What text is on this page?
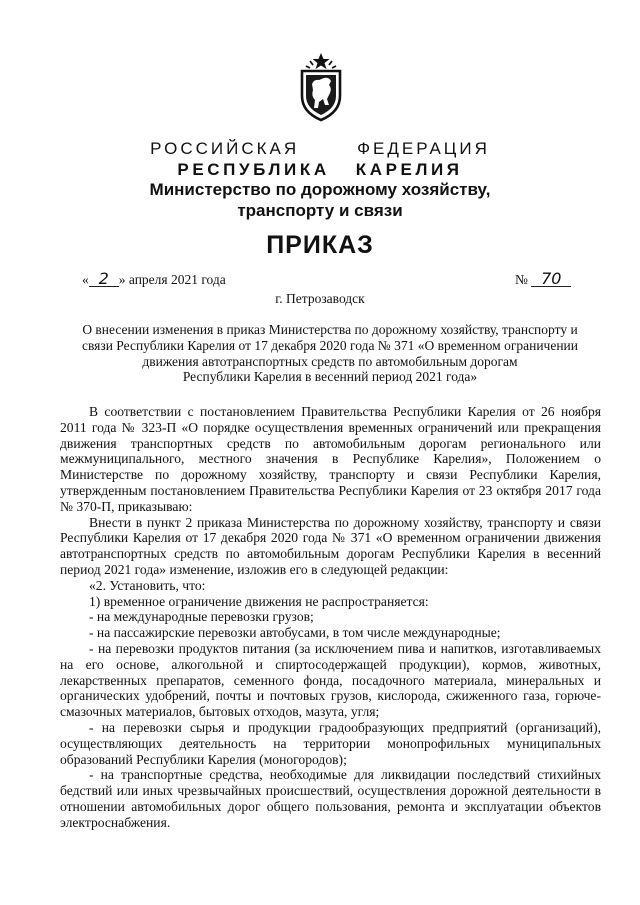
РОССИЙСКАЯ	ФЕДЕРАЦИЯ
РЕСПУБЛИКА КАРЕЛИЯ
Министерство по дорожному хозяйству,
транспорту и связи
ПРИКАЗ
« 2 » апреля 2021 года	№ 70
г. Петрозаводск
О внесении изменения в приказ Министерства по дорожному хозяйству, транспорту и
связи Республики Карелия от 17 декабря 2020 года № 371 «О временном ограничении
движения автотранспортных средств по автомобильным дорогам
Республики Карелия в весенний период 2021 года»

В соответствии с постановлением Правительства Республики Карелия от 26 ноября 2011 года № 323-П «О порядке осуществления временных ограничений или прекращения движения транспортных средств по автомобильным дорогам регионального или межмуниципального, местного значения в Республике Карелия», Положением о Министерстве по дорожному хозяйству, транспорту и связи Республики Карелия, утвержденным постановлением Правительства Республики Карелия от 23 октября 2017 года № 370-П, приказываю:

Внести в пункт 2 приказа Министерства по дорожному хозяйству, транспорту и связи Республики Карелия от 17 декабря 2020 года № 371 «О временном ограничении движения автотранспортных средств по автомобильным дорогам Республики Карелия в весенний период 2021 года» изменение, изложив его в следующей редакции:

«2. Установить, что:

1) временное ограничение движения не распространяется:

- на международные перевозки грузов;

- на пассажирские перевозки автобусами, в том числе международные;

- на перевозки продуктов питания (за исключением пива и напитков, изготавливаемых на его основе, алкогольной и спиртосодержащей продукции), кормов, животных, лекарственных препаратов, семенного фонда, посадочного материала, минеральных и органических удобрений, почты и почтовых грузов, кислорода, сжиженного газа, горюче-смазочных материалов, бытовых отходов, мазута, угля;

- на перевозки сырья и продукции градообразующих предприятий (организаций), осуществляющих деятельность на территории монопрофильных муниципальных образований Республики Карелия (моногородов);

- на транспортные средства, необходимые для ликвидации последствий стихийных бедствий или иных чрезвычайных происшествий, осуществления дорожной деятельности в отношении автомобильных дорог общего пользования, ремонта и эксплуатации объектов электроснабжения.
